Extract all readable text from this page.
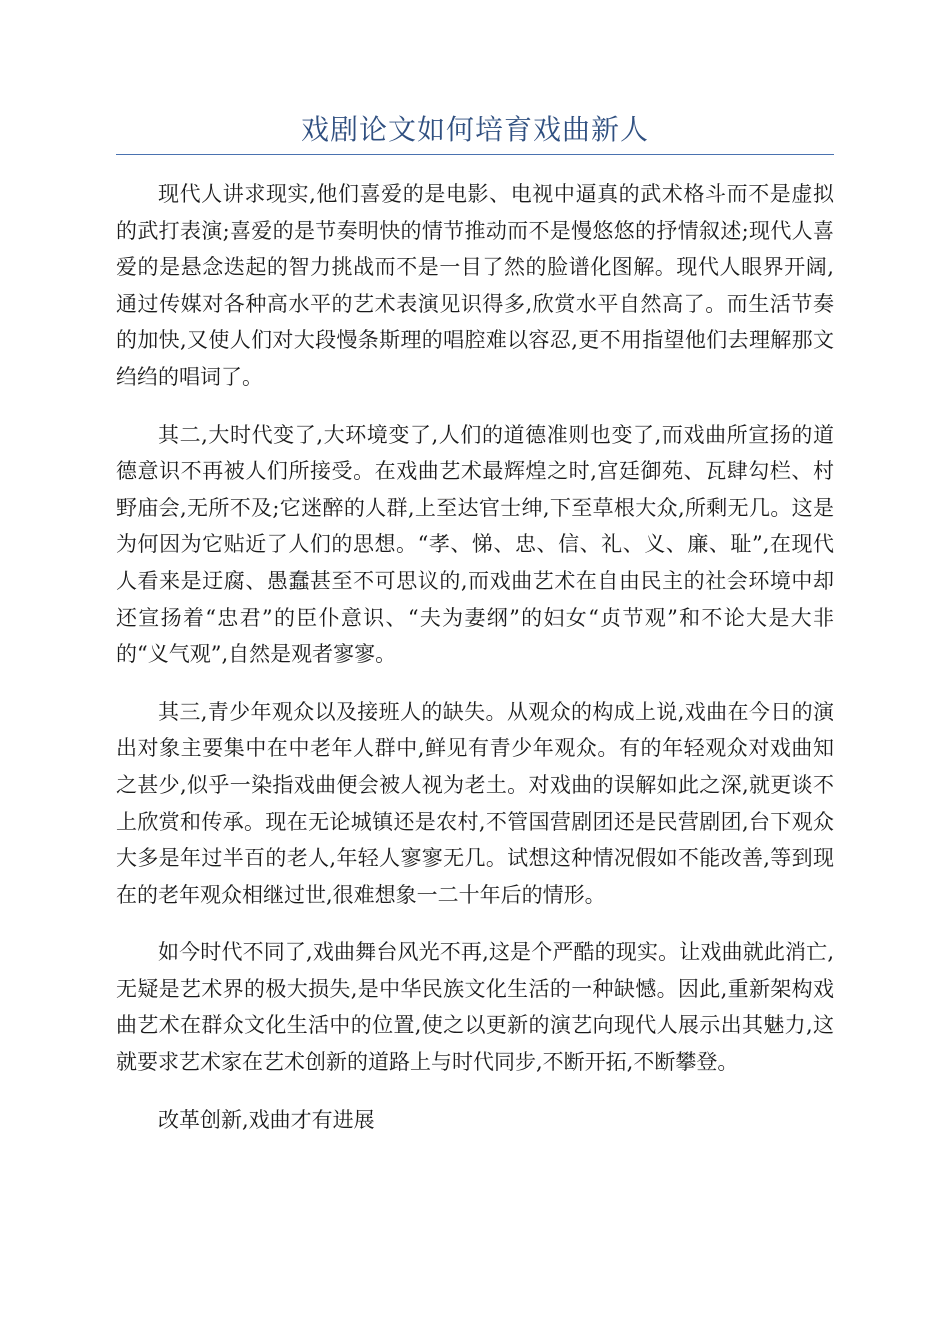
戏剧论文如何培育戏曲新人

现代人讲求现实,他们喜爱的是电影、电视中逼真的武术格斗而不是虚拟的武打表演;喜爱的是节奏明快的情节推动而不是慢悠悠的抒情叙述;现代人喜爱的是悬念迭起的智力挑战而不是一目了然的脸谱化图解。现代人眼界开阔,通过传媒对各种高水平的艺术表演见识得多,欣赏水平自然高了。而生活节奏的加快,又使人们对大段慢条斯理的唱腔难以容忍,更不用指望他们去理解那文绉绉的唱词了。

其二,大时代变了,大环境变了,人们的道德准则也变了,而戏曲所宣扬的道德意识不再被人们所接受。在戏曲艺术最辉煌之时,宫廷御苑、瓦肆勾栏、村野庙会,无所不及;它迷醉的人群,上至达官士绅,下至草根大众,所剩无几。这是为何因为它贴近了人们的思想。“孝、悌、忠、信、礼、义、廉、耻”,在现代人看来是迂腐、愚蠢甚至不可思议的,而戏曲艺术在自由民主的社会环境中却还宣扬着“忠君”的臣仆意识、“夫为妻纲”的妇女“贞节观”和不论大是大非的“义气观”,自然是观者寥寥。

其三,青少年观众以及接班人的缺失。从观众的构成上说,戏曲在今日的演出对象主要集中在中老年人群中,鲜见有青少年观众。有的年轻观众对戏曲知之甚少,似乎一染指戏曲便会被人视为老土。对戏曲的误解如此之深,就更谈不上欣赏和传承。现在无论城镇还是农村,不管国营剧团还是民营剧团,台下观众大多是年过半百的老人,年轻人寥寥无几。试想这种情况假如不能改善,等到现在的老年观众相继过世,很难想象一二十年后的情形。

如今时代不同了,戏曲舞台风光不再,这是个严酷的现实。让戏曲就此消亡,无疑是艺术界的极大损失,是中华民族文化生活的一种缺憾。因此,重新架构戏曲艺术在群众文化生活中的位置,使之以更新的演艺向现代人展示出其魅力,这就要求艺术家在艺术创新的道路上与时代同步,不断开拓,不断攀登。

改革创新,戏曲才有进展
